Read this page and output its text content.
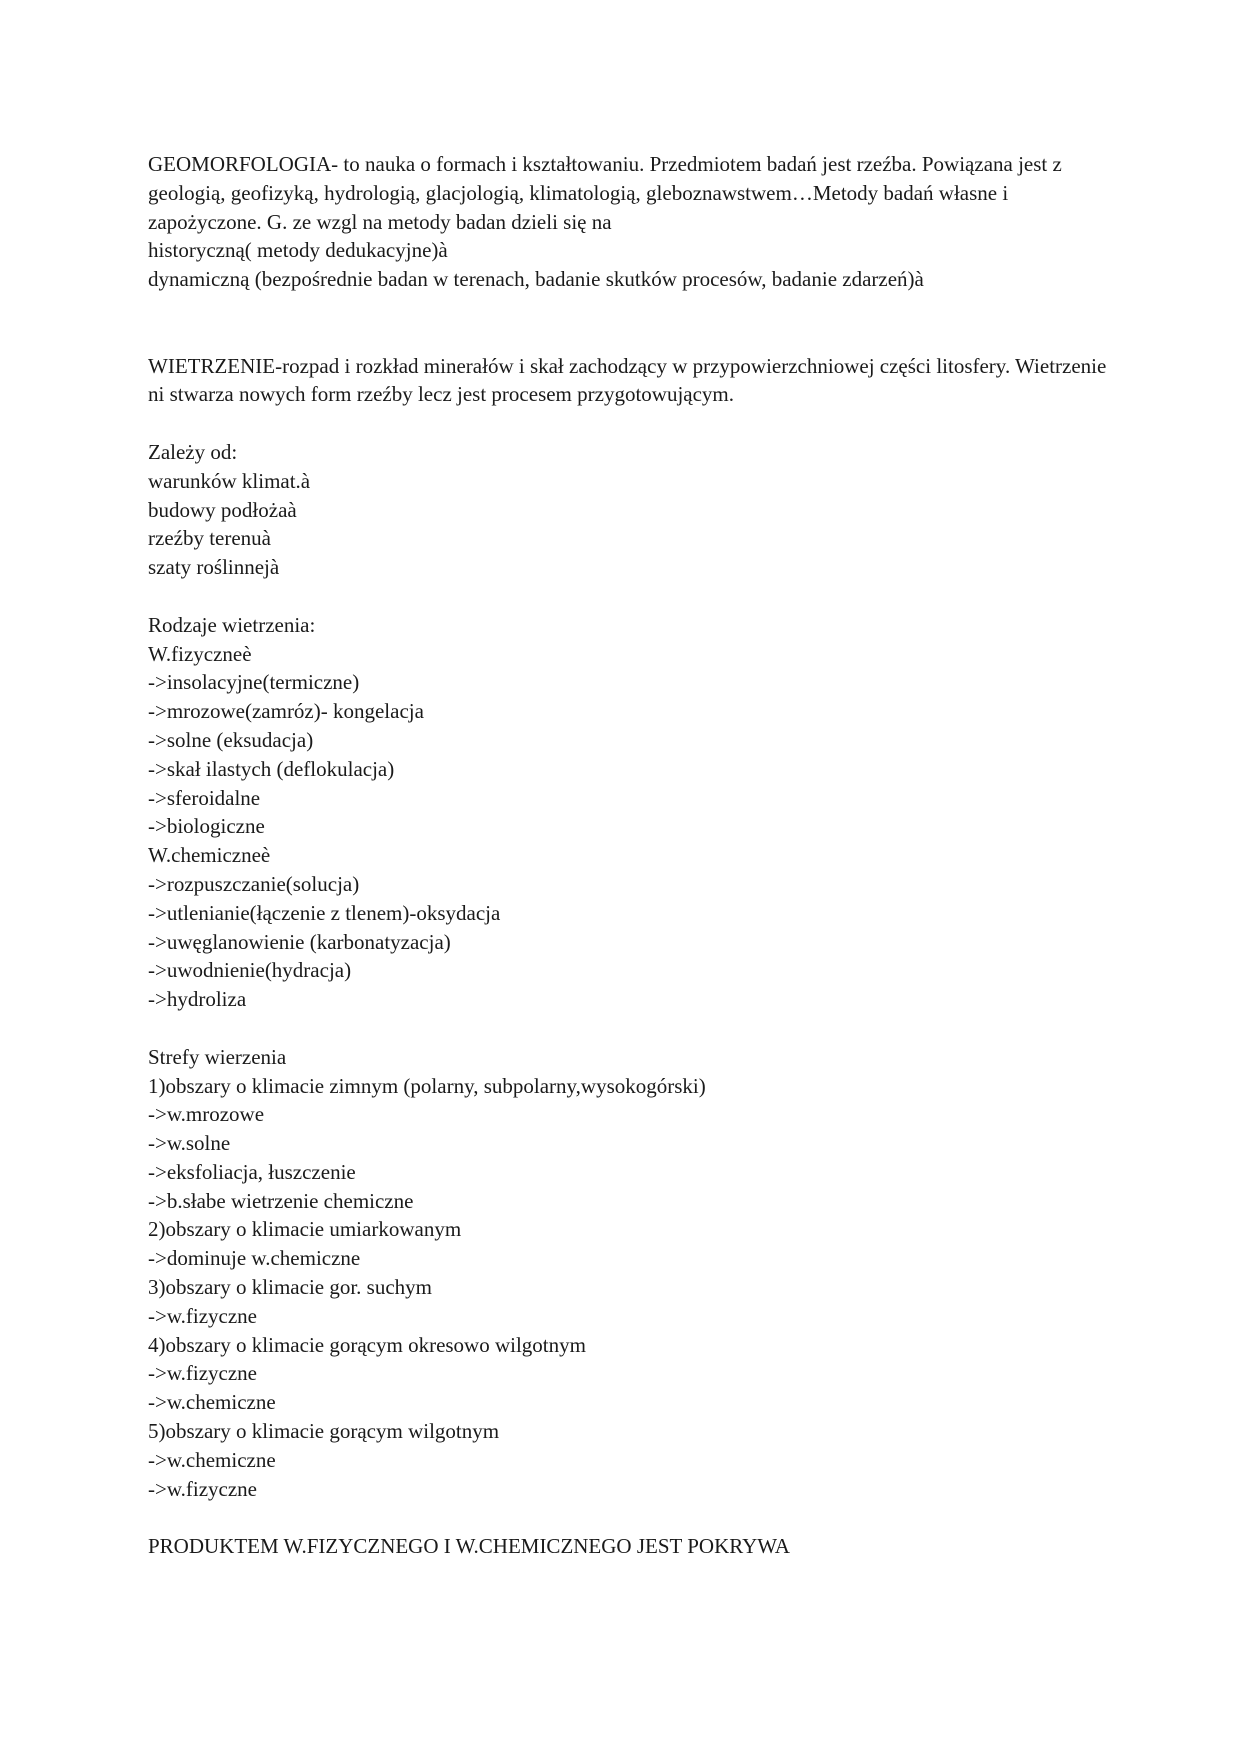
GEOMORFOLOGIA- to nauka o formach i kształtowaniu. Przedmiotem badań jest rzeźba. Powiązana jest z geologią, geofizyką, hydrologią, glacjologią, klimatologią, gleboznawstwem…Metody badań własne i zapożyczone. G. ze wzgl na metody badan dzieli się na
historyczną( metody dedukacyjne)à
dynamiczną (bezpośrednie badan w terenach, badanie skutków procesów, badanie zdarzeń)à
WIETRZENIE-rozpad i rozkład minerałów i skał zachodzący w przypowierzchniowej części litosfery. Wietrzenie ni stwarza nowych form rzeźby lecz jest procesem przygotowującym.
Zależy od:
warunków klimat.à
budowy podłożaà
rzeźby terenuà
szaty roślinnejà
Rodzaje wietrzenia:
W.fizyczneè
->insolacyjne(termiczne)
->mrozowe(zamróz)- kongelacja
->solne (eksudacja)
->skał ilastych (deflokulacja)
->sferoidalne
->biologiczne
W.chemiczneè
->rozpuszczanie(solucja)
->utlenianie(łączenie z tlenem)-oksydacja
->uwęglanowienie (karbonatyzacja)
->uwodnienie(hydracja)
->hydroliza
Strefy wierzenia
1)obszary o klimacie zimnym (polarny, subpolarny,wysokogórski)
->w.mrozowe
->w.solne
->eksfoliacja, łuszczenie
->b.słabe wietrzenie chemiczne
2)obszary o klimacie umiarkowanym
->dominuje w.chemiczne
3)obszary o klimacie gor. suchym
->w.fizyczne
4)obszary o klimacie gorącym okresowo wilgotnym
->w.fizyczne
->w.chemiczne
5)obszary o klimacie gorącym wilgotnym
->w.chemiczne
->w.fizyczne
PRODUKTEM W.FIZYCZNEGO I W.CHEMICZNEGO JEST POKRYWA
